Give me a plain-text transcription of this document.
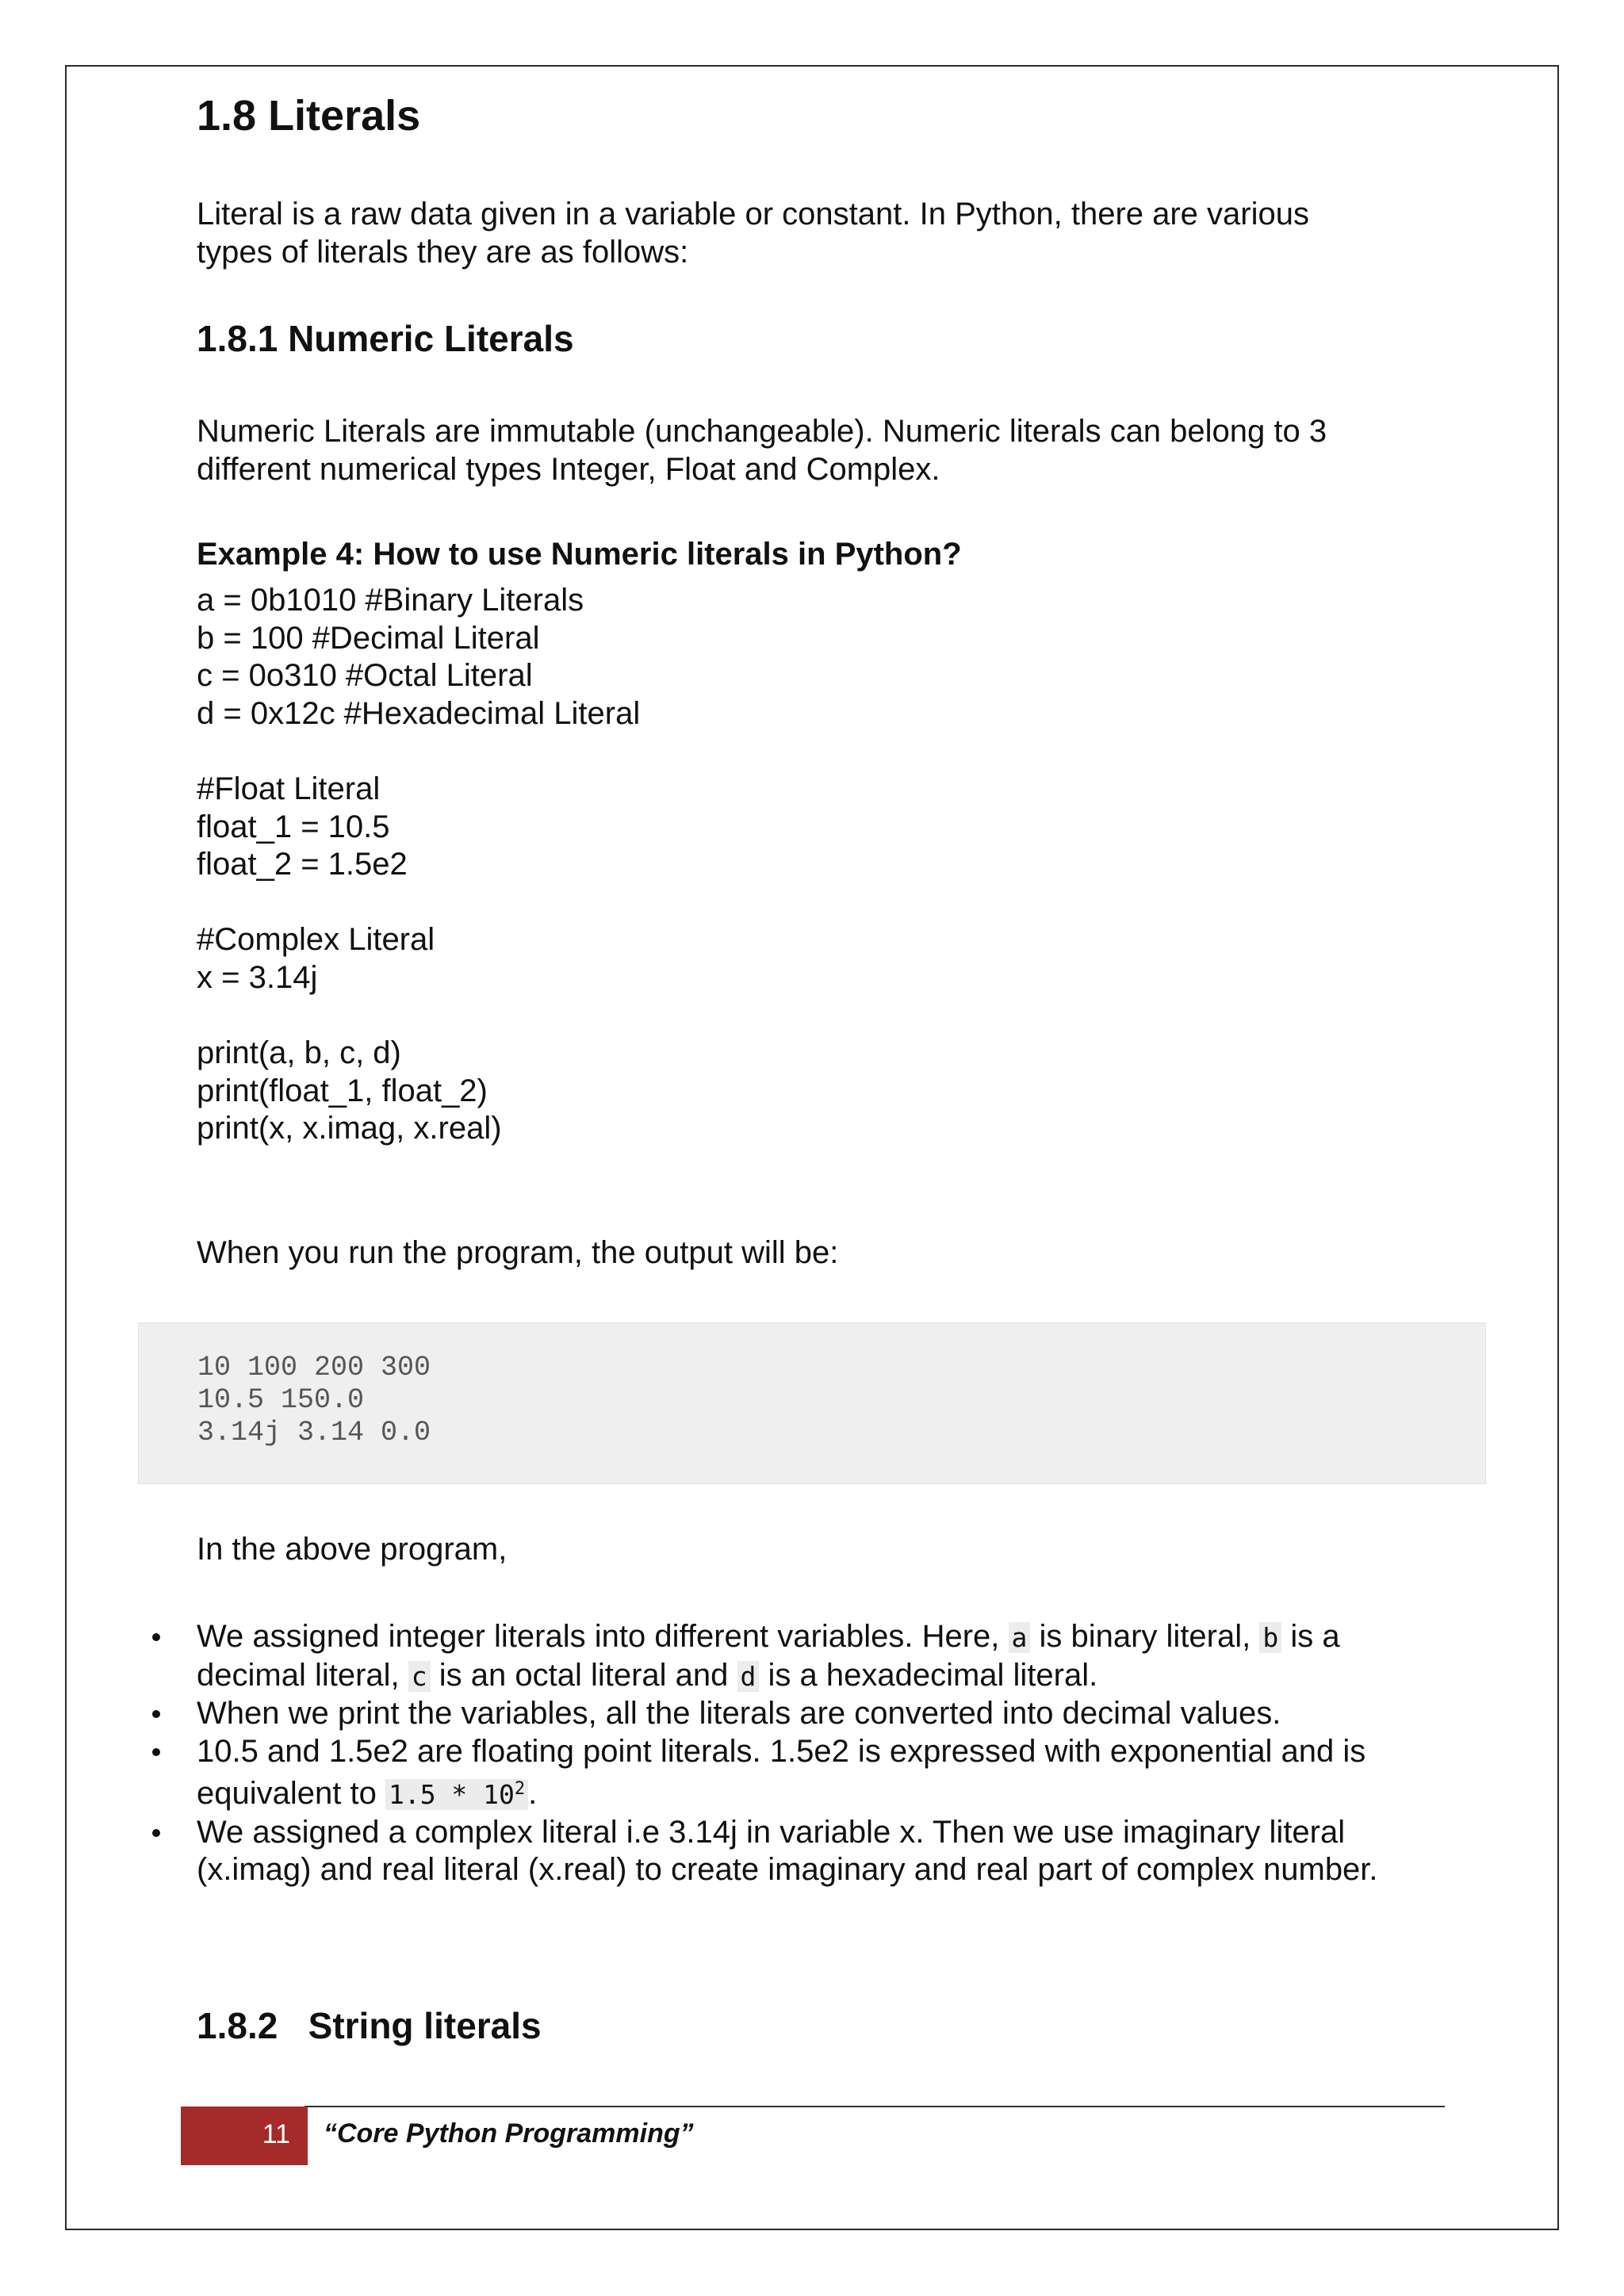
1.8 Literals

Literal is a raw data given in a variable or constant. In Python, there are various
types of literals they are as follows:

1.8.1 Numeric Literals

Numeric Literals are immutable (unchangeable). Numeric literals can belong to 3
different numerical types Integer, Float and Complex.

Example 4: How to use Numeric literals in Python?

a = 0b1010 #Binary Literals
b = 100 #Decimal Literal
c = 0o310 #Octal Literal
d = 0x12c #Hexadecimal Literal
#Float Literal
float_1 = 10.5
float_2 = 1.5e2
#Complex Literal
x = 3.14j
print(a, b, c, d)
print(float_1, float_2)
print(x, x.imag, x.real)

When you run the program, the output will be:

10 100 200 300
10.5 150.0
3.14j 3.14 0.0

In the above program,

We assigned integer literals into different variables. Here, a is binary literal, b is a
decimal literal, c is an octal literal and d is a hexadecimal literal.
When we print the variables, all the literals are converted into decimal values.
10.5 and 1.5e2 are floating point literals. 1.5e2 is expressed with exponential and is
equivalent to $1.5 * 10^2$ .
We assigned a complex literal i.e 3.14j in variable x. Then we use imaginary literal
(x.imag) and real literal (x.real) to create imaginary and real part of complex number.
1.8.2   String literals
11 “Core Python Programming”
